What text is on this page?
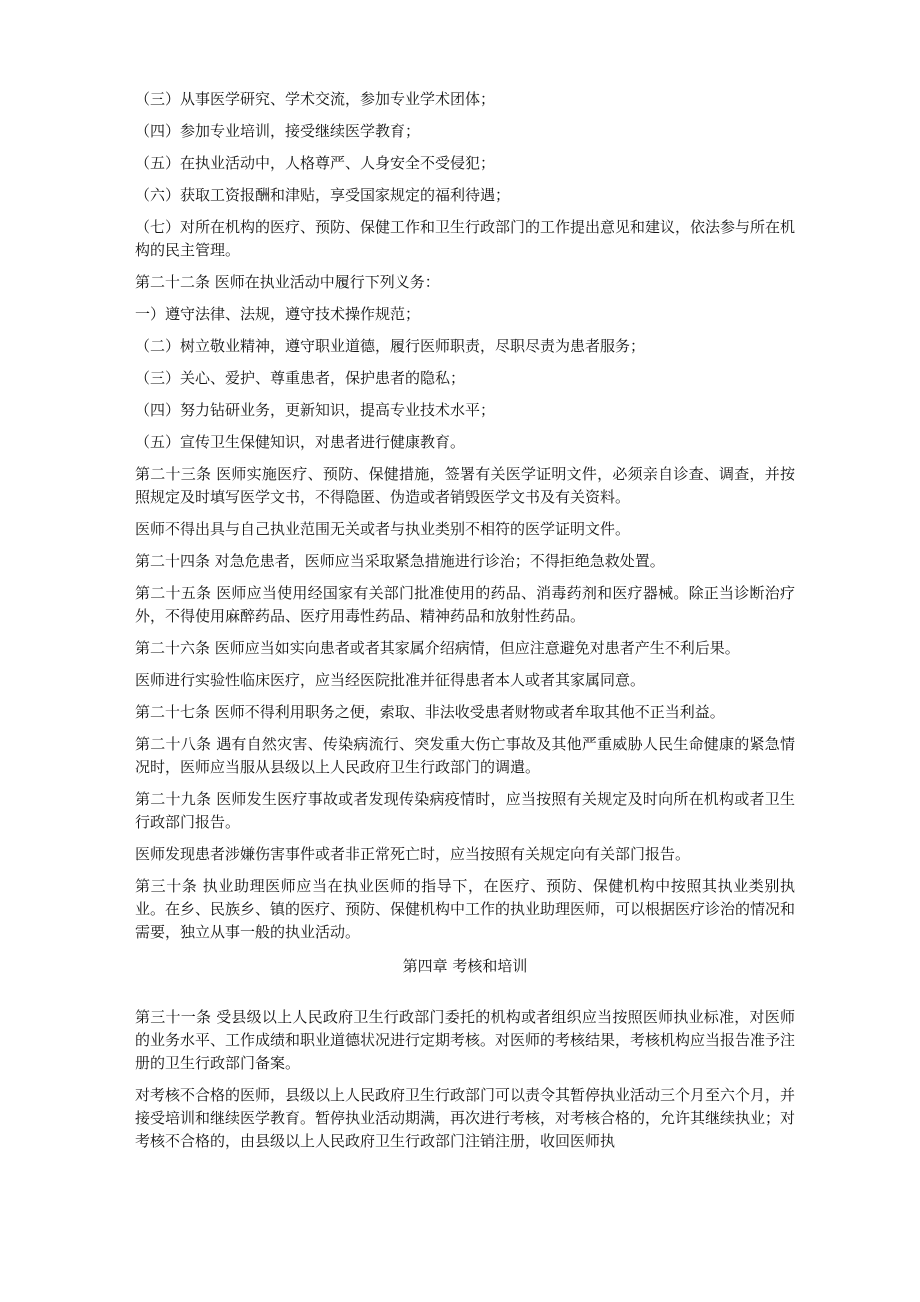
（三）从事医学研究、学术交流，参加专业学术团体；

（四）参加专业培训，接受继续医学教育；

（五）在执业活动中，人格尊严、人身安全不受侵犯；

（六）获取工资报酬和津贴，享受国家规定的福利待遇；

（七）对所在机构的医疗、预防、保健工作和卫生行政部门的工作提出意见和建议，依法参与所在机构的民主管理。

第二十二条 医师在执业活动中履行下列义务：

一）遵守法律、法规，遵守技术操作规范；

（二）树立敬业精神，遵守职业道德，履行医师职责，尽职尽责为患者服务；

（三）关心、爱护、尊重患者，保护患者的隐私；

（四）努力钻研业务，更新知识，提高专业技术水平；

（五）宣传卫生保健知识，对患者进行健康教育。

第二十三条 医师实施医疗、预防、保健措施，签署有关医学证明文件，必须亲自诊查、调查，并按照规定及时填写医学文书，不得隐匿、伪造或者销毁医学文书及有关资料。

医师不得出具与自己执业范围无关或者与执业类别不相符的医学证明文件。

第二十四条 对急危患者，医师应当采取紧急措施进行诊治；不得拒绝急救处置。

第二十五条 医师应当使用经国家有关部门批准使用的药品、消毒药剂和医疗器械。除正当诊断治疗外，不得使用麻醉药品、医疗用毒性药品、精神药品和放射性药品。

第二十六条 医师应当如实向患者或者其家属介绍病情，但应注意避免对患者产生不利后果。

医师进行实验性临床医疗，应当经医院批准并征得患者本人或者其家属同意。

第二十七条 医师不得利用职务之便，索取、非法收受患者财物或者牟取其他不正当利益。

第二十八条 遇有自然灾害、传染病流行、突发重大伤亡事故及其他严重威胁人民生命健康的紧急情况时，医师应当服从县级以上人民政府卫生行政部门的调遣。

第二十九条 医师发生医疗事故或者发现传染病疫情时，应当按照有关规定及时向所在机构或者卫生行政部门报告。

医师发现患者涉嫌伤害事件或者非正常死亡时，应当按照有关规定向有关部门报告。

第三十条 执业助理医师应当在执业医师的指导下，在医疗、预防、保健机构中按照其执业类别执业。在乡、民族乡、镇的医疗、预防、保健机构中工作的执业助理医师，可以根据医疗诊治的情况和需要，独立从事一般的执业活动。

第四章 考核和培训

第三十一条 受县级以上人民政府卫生行政部门委托的机构或者组织应当按照医师执业标准，对医师的业务水平、工作成绩和职业道德状况进行定期考核。对医师的考核结果，考核机构应当报告准予注册的卫生行政部门备案。

对考核不合格的医师，县级以上人民政府卫生行政部门可以责令其暂停执业活动三个月至六个月，并接受培训和继续医学教育。暂停执业活动期满，再次进行考核，对考核合格的，允许其继续执业；对考核不合格的，由县级以上人民政府卫生行政部门注销注册，收回医师执
